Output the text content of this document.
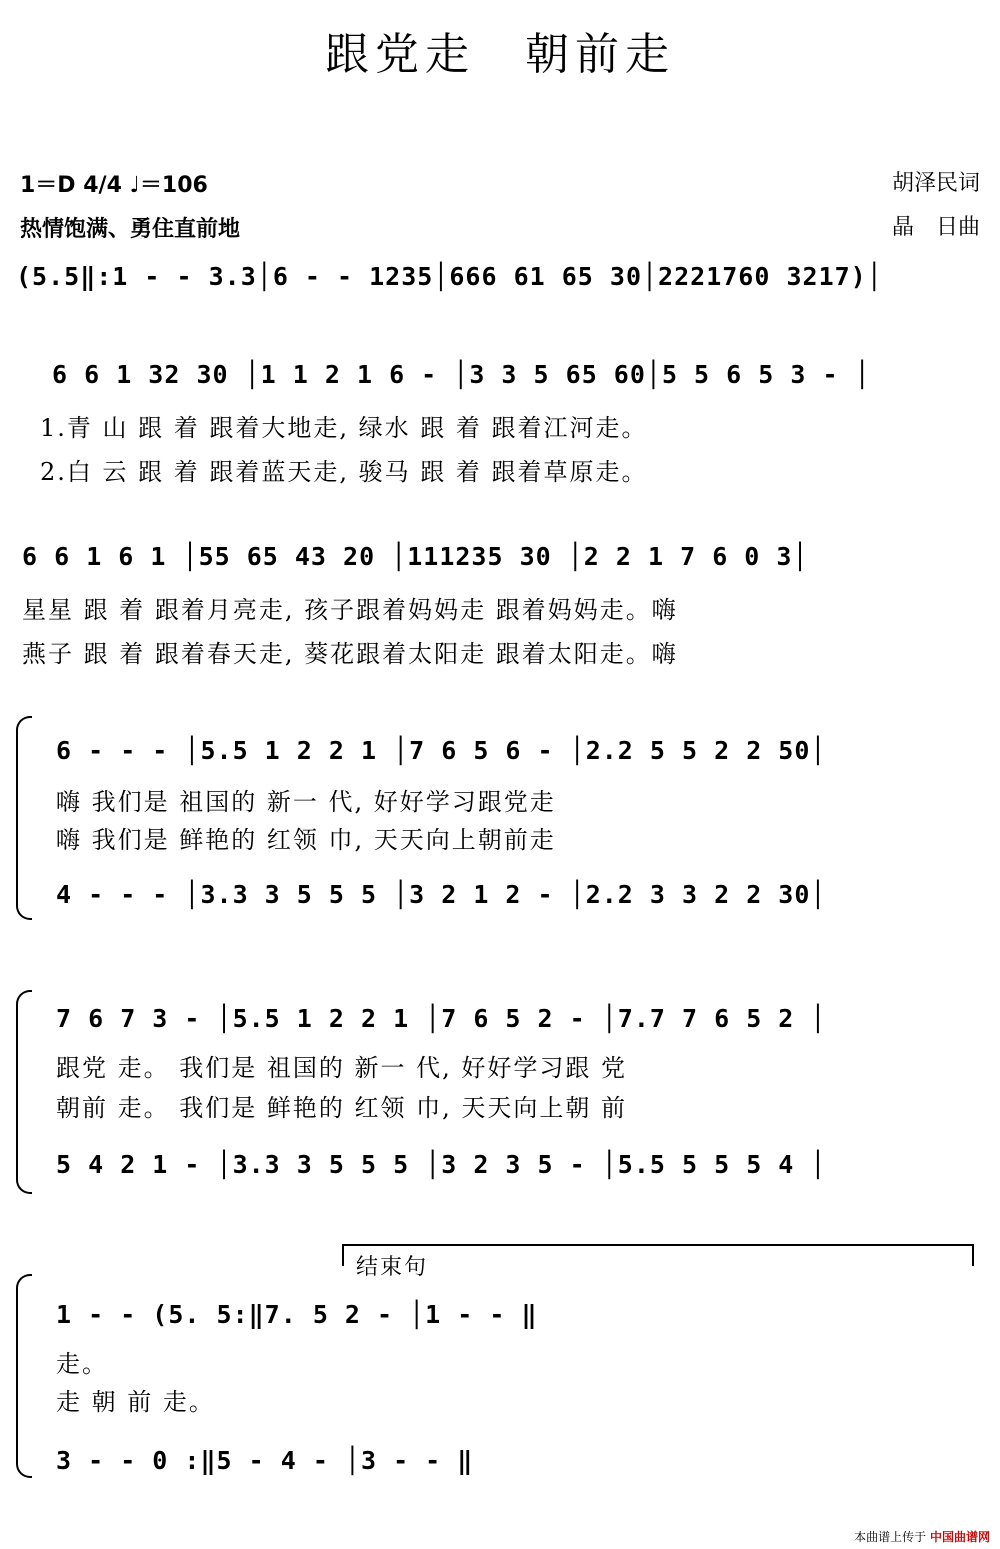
跟党走　朝前走
1＝D 4/4 ♩＝106
热情饱满、勇住直前地
胡泽民词
晶　日曲
(5.5‖:1 - - 3.3│6 - - 1235│666 61 65 30│2221760 3217)│
6 6 1 32 30 │1 1 2 1 6 - │3 3 5 65 60│5 5 6 5 3 - │
1.青 山 跟 着 跟着大地走, 绿水 跟 着 跟着江河走。
2.白 云 跟 着 跟着蓝天走, 骏马 跟 着 跟着草原走。
6 6 1 6 1 │55 65 43 20 │111235 30 │2 2 1 7 6 0 3│
星星 跟 着 跟着月亮走, 孩子跟着妈妈走 跟着妈妈走。嗨
燕子 跟 着 跟着春天走, 葵花跟着太阳走 跟着太阳走。嗨
6 - - - │5.5 1 2 2 1 │7 6 5 6 - │2.2 5 5 2 2 50│
嗨 我们是 祖国的 新一 代, 好好学习跟党走
嗨 我们是 鲜艳的 红领 巾, 天天向上朝前走
4 - - - │3.3 3 5 5 5 │3 2 1 2 - │2.2 3 3 2 2 30│
7 6 7 3 - │5.5 1 2 2 1 │7 6 5 2 - │7.7 7 6 5 2 │
跟党 走。 我们是 祖国的 新一 代, 好好学习跟 党
朝前 走。 我们是 鲜艳的 红领 巾, 天天向上朝 前
5 4 2 1 - │3.3 3 5 5 5 │3 2 3 5 - │5.5 5 5 5 4 │
结束句
1 - - (5. 5:‖7. 5 2 - │1 - - ‖
走。
走 朝 前 走。
3 - - 0 :‖5 - 4 - │3 - - ‖
本曲谱上传于 中国曲谱网
